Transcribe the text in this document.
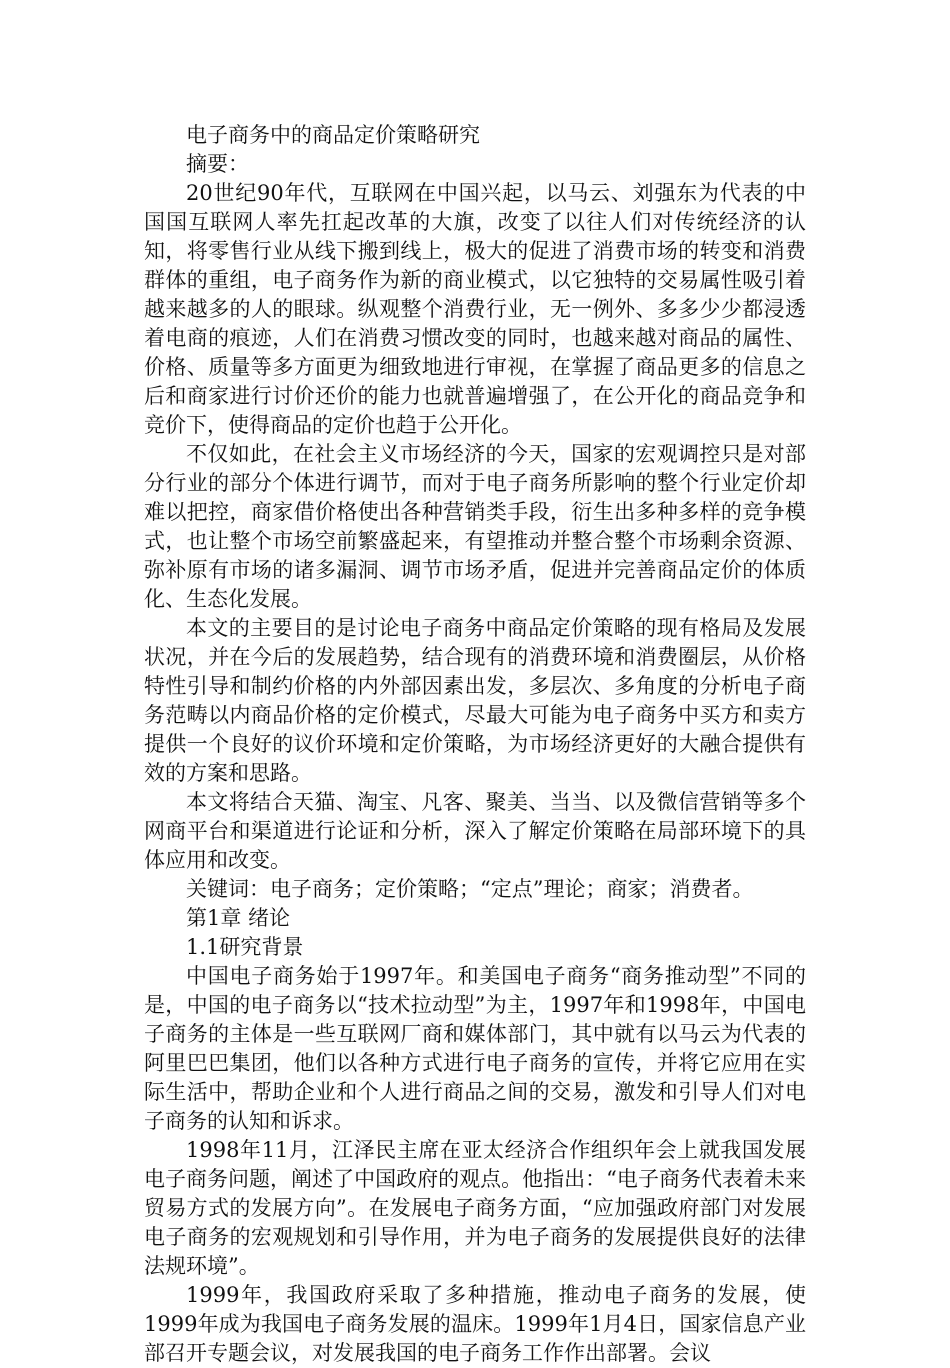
电子商务中的商品定价策略研究

摘要：

20世纪90年代，互联网在中国兴起，以马云、刘强东为代表的中国国互联网人率先扛起改革的大旗，改变了以往人们对传统经济的认知，将零售行业从线下搬到线上，极大的促进了消费市场的转变和消费群体的重组，电子商务作为新的商业模式，以它独特的交易属性吸引着越来越多的人的眼球。纵观整个消费行业，无一例外、多多少少都浸透着电商的痕迹，人们在消费习惯改变的同时，也越来越对商品的属性、价格、质量等多方面更为细致地进行审视，在掌握了商品更多的信息之后和商家进行讨价还价的能力也就普遍增强了，在公开化的商品竞争和竞价下，使得商品的定价也趋于公开化。

不仅如此，在社会主义市场经济的今天，国家的宏观调控只是对部分行业的部分个体进行调节，而对于电子商务所影响的整个行业定价却难以把控，商家借价格使出各种营销类手段，衍生出多种多样的竞争模式，也让整个市场空前繁盛起来，有望推动并整合整个市场剩余资源、弥补原有市场的诸多漏洞、调节市场矛盾，促进并完善商品定价的体质化、生态化发展。

本文的主要目的是讨论电子商务中商品定价策略的现有格局及发展状况，并在今后的发展趋势，结合现有的消费环境和消费圈层，从价格特性引导和制约价格的内外部因素出发，多层次、多角度的分析电子商务范畴以内商品价格的定价模式，尽最大可能为电子商务中买方和卖方提供一个良好的议价环境和定价策略，为市场经济更好的大融合提供有效的方案和思路。

本文将结合天猫、淘宝、凡客、聚美、当当、以及微信营销等多个网商平台和渠道进行论证和分析，深入了解定价策略在局部环境下的具体应用和改变。

关键词：电子商务；定价策略；“定点”理论；商家；消费者。

第1章 绪论

1.1研究背景

中国电子商务始于1997年。和美国电子商务“商务推动型”不同的是，中国的电子商务以“技术拉动型”为主，1997年和1998年，中国电子商务的主体是一些互联网厂商和媒体部门，其中就有以马云为代表的阿里巴巴集团，他们以各种方式进行电子商务的宣传，并将它应用在实际生活中，帮助企业和个人进行商品之间的交易，激发和引导人们对电子商务的认知和诉求。

1998年11月，江泽民主席在亚太经济合作组织年会上就我国发展电子商务问题，阐述了中国政府的观点。他指出：“电子商务代表着未来贸易方式的发展方向”。在发展电子商务方面，“应加强政府部门对发展电子商务的宏观规划和引导作用，并为电子商务的发展提供良好的法律法规环境”。

1999年，我国政府采取了多种措施，推动电子商务的发展，使1999年成为我国电子商务发展的温床。1999年1月4日，国家信息产业部召开专题会议，对发展我国的电子商务工作作出部署。会议
